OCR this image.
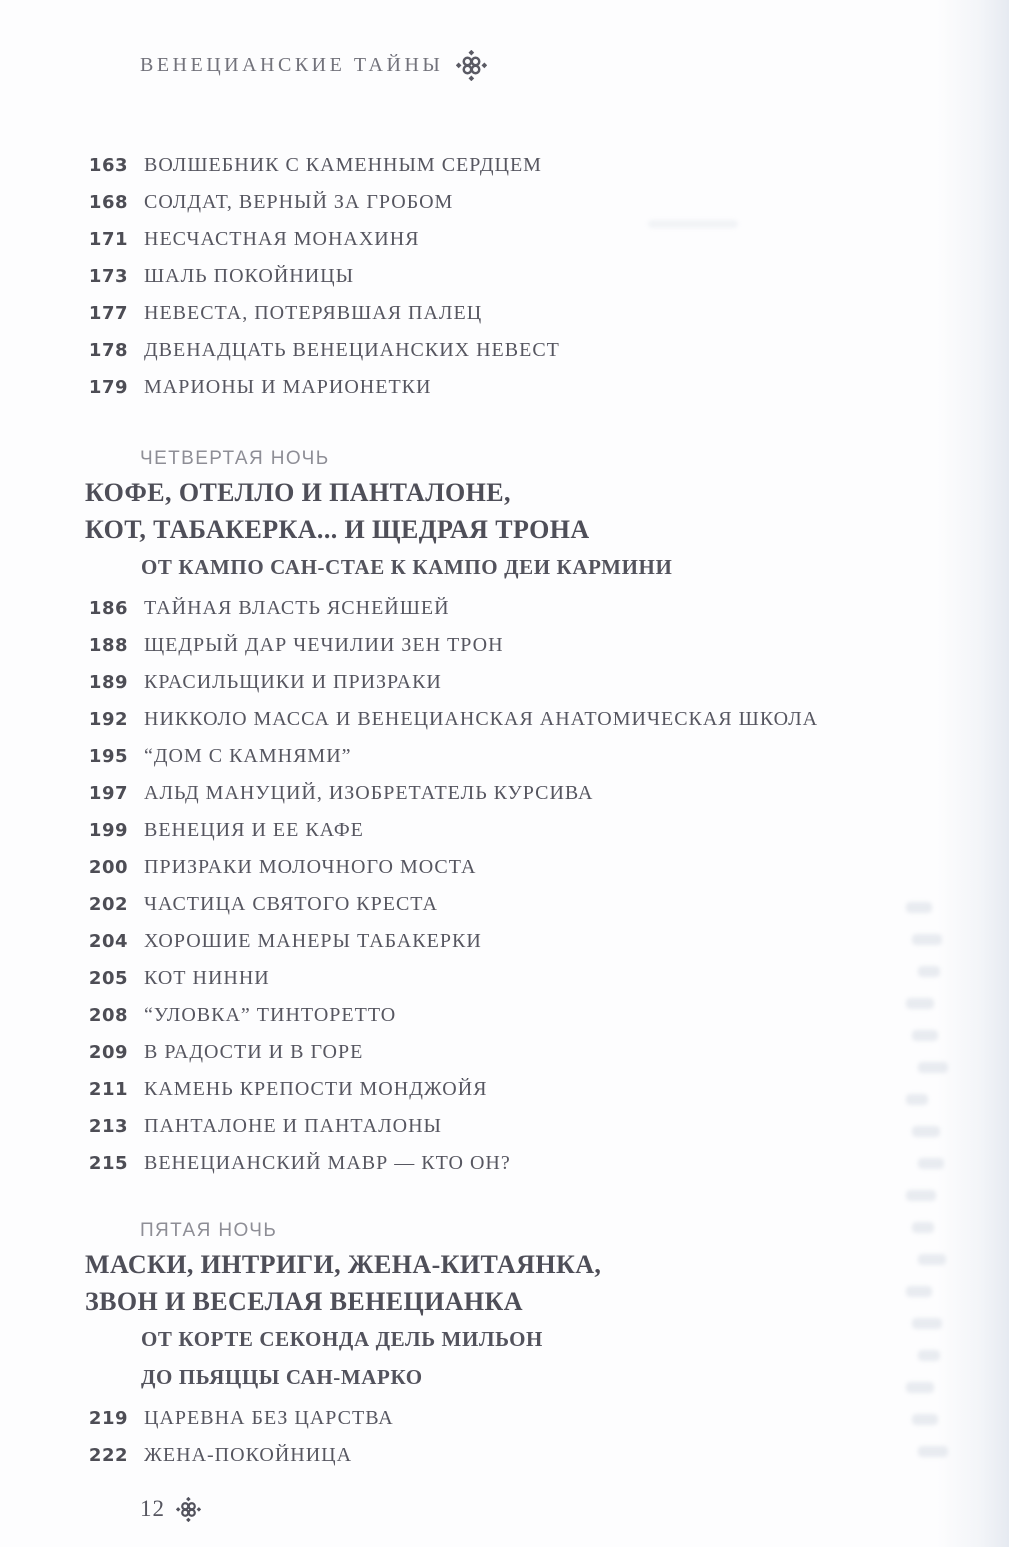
ВЕНЕЦИАНСКИЕ ТАЙНЫ
163 ВОЛШЕБНИК С КАМЕННЫМ СЕРДЦЕМ
168 СОЛДАТ, ВЕРНЫЙ ЗА ГРОБОМ
171 НЕСЧАСТНАЯ МОНАХИНЯ
173 ШАЛЬ ПОКОЙНИЦЫ
177 НЕВЕСТА, ПОТЕРЯВШАЯ ПАЛЕЦ
178 ДВЕНАДЦАТЬ ВЕНЕЦИАНСКИХ НЕВЕСТ
179 МАРИОНЫ И МАРИОНЕТКИ
ЧЕТВЕРТАЯ НОЧЬ
КОФЕ, ОТЕЛЛО И ПАНТАЛОНЕ,
КОТ, ТАБАКЕРКА... И ЩЕДРАЯ ТРОНА
ОТ КАМПО САН-СТАЕ К КАМПО ДЕИ КАРМИНИ
186 ТАЙНАЯ ВЛАСТЬ ЯСНЕЙШЕЙ
188 ЩЕДРЫЙ ДАР ЧЕЧИЛИИ ЗЕН ТРОН
189 КРАСИЛЬЩИКИ И ПРИЗРАКИ
192 НИККОЛО МАССА И ВЕНЕЦИАНСКАЯ АНАТОМИЧЕСКАЯ ШКОЛА
195 “ДОМ С КАМНЯМИ”
197 АЛЬД МАНУЦИЙ, ИЗОБРЕТАТЕЛЬ КУРСИВА
199 ВЕНЕЦИЯ И ЕЕ КАФЕ
200 ПРИЗРАКИ МОЛОЧНОГО МОСТА
202 ЧАСТИЦА СВЯТОГО КРЕСТА
204 ХОРОШИЕ МАНЕРЫ ТАБАКЕРКИ
205 КОТ НИННИ
208 “УЛОВКА” ТИНТОРЕТТО
209 В РАДОСТИ И В ГОРЕ
211 КАМЕНЬ КРЕПОСТИ МОНДЖОЙЯ
213 ПАНТАЛОНЕ И ПАНТАЛОНЫ
215 ВЕНЕЦИАНСКИЙ МАВР — КТО ОН?
ПЯТАЯ НОЧЬ
МАСКИ, ИНТРИГИ, ЖЕНА-КИТАЯНКА,
ЗВОН И ВЕСЕЛАЯ ВЕНЕЦИАНКА
ОТ КОРТЕ СЕКОНДА ДЕЛЬ МИЛЬОН
ДО ПЬЯЦЦЫ САН-МАРКО
219 ЦАРЕВНА БЕЗ ЦАРСТВА
222 ЖЕНА-ПОКОЙНИЦА
12
